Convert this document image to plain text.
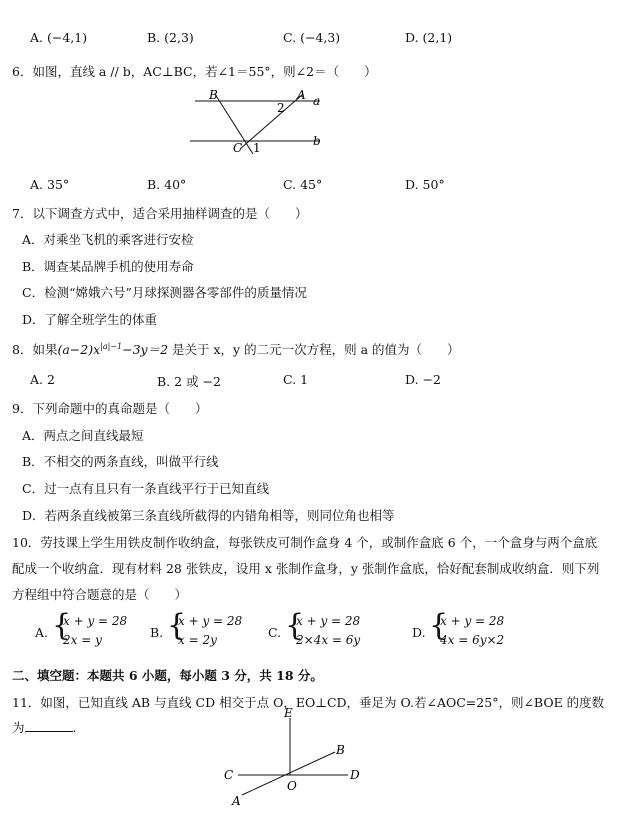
A. (−4,1)	B. (2,3)	C. (−4,3)	D. (2,1)
6．如图，直线 a // b，AC⊥BC，若∠1＝55°，则∠2＝（　　）
B	A a
2
C 1	b
A. 35°	B. 40°	C. 45°	D. 50°
7．以下调查方式中，适合采用抽样调查的是（　　）
A．对乘坐飞机的乘客进行安检
B．调查某品牌手机的使用寿命
C．检测“嫦娥六号”月球探测器各零部件的质量情况
D．了解全班学生的体重
8．如果$(a-2)x^{|a|-1}-3y=2$ 是关于 x，y 的二元一次方程，则 a 的值为（　　）
A. 2	B. 2 或 −2	C. 1	D. −2
9．下列命题中的真命题是（　　）
A．两点之间直线最短
B．不相交的两条直线，叫做平行线
C．过一点有且只有一条直线平行于已知直线
D．若两条直线被第三条直线所截得的内错角相等，则同位角也相等
10．劳技课上学生用铁皮制作收纳盒，每张铁皮可制作盒身 4 个，或制作盒底 6 个，一个盒身与两个盒底
配成一个收纳盒．现有材料 28 张铁皮，设用 x 张制作盒身，y 张制作盒底，恰好配套制成收纳盒．则下列
方程组中符合题意的是（　　）
A. {
x + y = 28
2x = y	B. {
x + y = 28
x = 2y	C. {
x + y = 28
2×4x = 6y	D. {
x + y = 28
4x = 6y×2
二、填空题：本题共 6 小题，每小题 3 分，共 18 分。
11．如图，已知直线 AB 与直线 CD 相交于点 O，EO⊥CD，垂足为 O.若∠AOC=25°，则∠BOE 的度数
为	.
E
B
C
O
D
A
